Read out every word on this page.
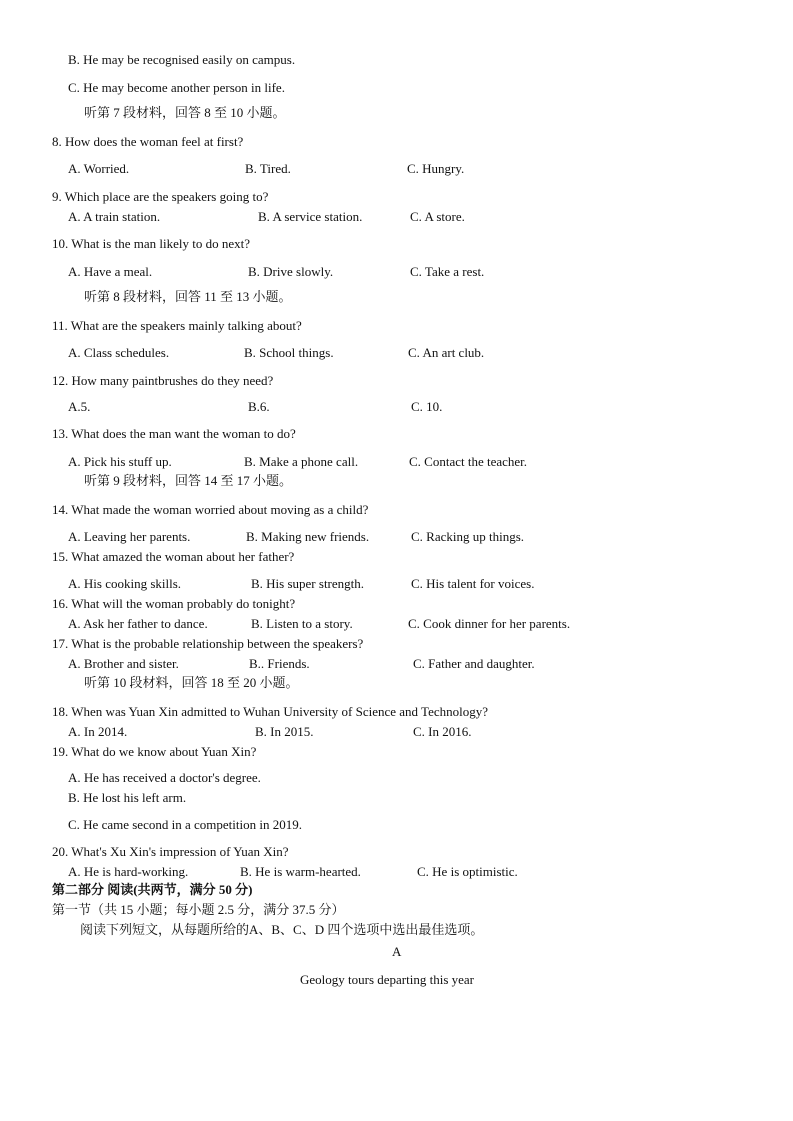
B. He may be recognised easily on campus.
C. He may become another person in life.
听第 7 段材料，回答 8 至 10 小题。
8. How does the woman feel at first?
A. Worried.	B. Tired.	C. Hungry.
9. Which place are the speakers going to?
A. A train station.	B. A service station.	C. A store.
10. What is the man likely to do next?
A. Have a meal.	B. Drive slowly.	C. Take a rest.
听第 8 段材料，回答 11 至 13 小题。
11. What are the speakers mainly talking about?
A. Class schedules.	B. School things.	C. An art club.
12. How many paintbrushes do they need?
A.5.	B.6.	C. 10.
13. What does the man want the woman to do?
A. Pick his stuff up.	B. Make a phone call.	C. Contact the teacher.
听第 9 段材料，回答 14 至 17 小题。
14. What made the woman worried about moving as a child?
A. Leaving her parents.	B. Making new friends.	C. Racking up things.
15. What amazed the woman about her father?
A. His cooking skills.	B. His super strength.	C. His talent for voices.
16. What will the woman probably do tonight?
A. Ask her father to dance.	B. Listen to a story.	C. Cook dinner for her parents.
17. What is the probable relationship between the speakers?
A. Brother and sister.	B.. Friends.	C. Father and daughter.
听第 10 段材料，回答 18 至 20 小题。
18. When was Yuan Xin admitted to Wuhan University of Science and Technology?
A. In 2014.	B. In 2015.	C. In 2016.
19. What do we know about Yuan Xin?
A. He has received a doctor's degree.
B. He lost his left arm.
C. He came second in a competition in 2019.
20. What's Xu Xin's impression of Yuan Xin?
A. He is hard-working.	B. He is warm-hearted.	C. He is optimistic.
第二部分 阅读(共两节，满分 50 分)
第一节（共 15 小题；每小题 2.5 分，满分 37.5 分）
阅读下列短文，从每题所给的A、B、C、D 四个选项中选出最佳选项。
A
Geology tours departing this year
